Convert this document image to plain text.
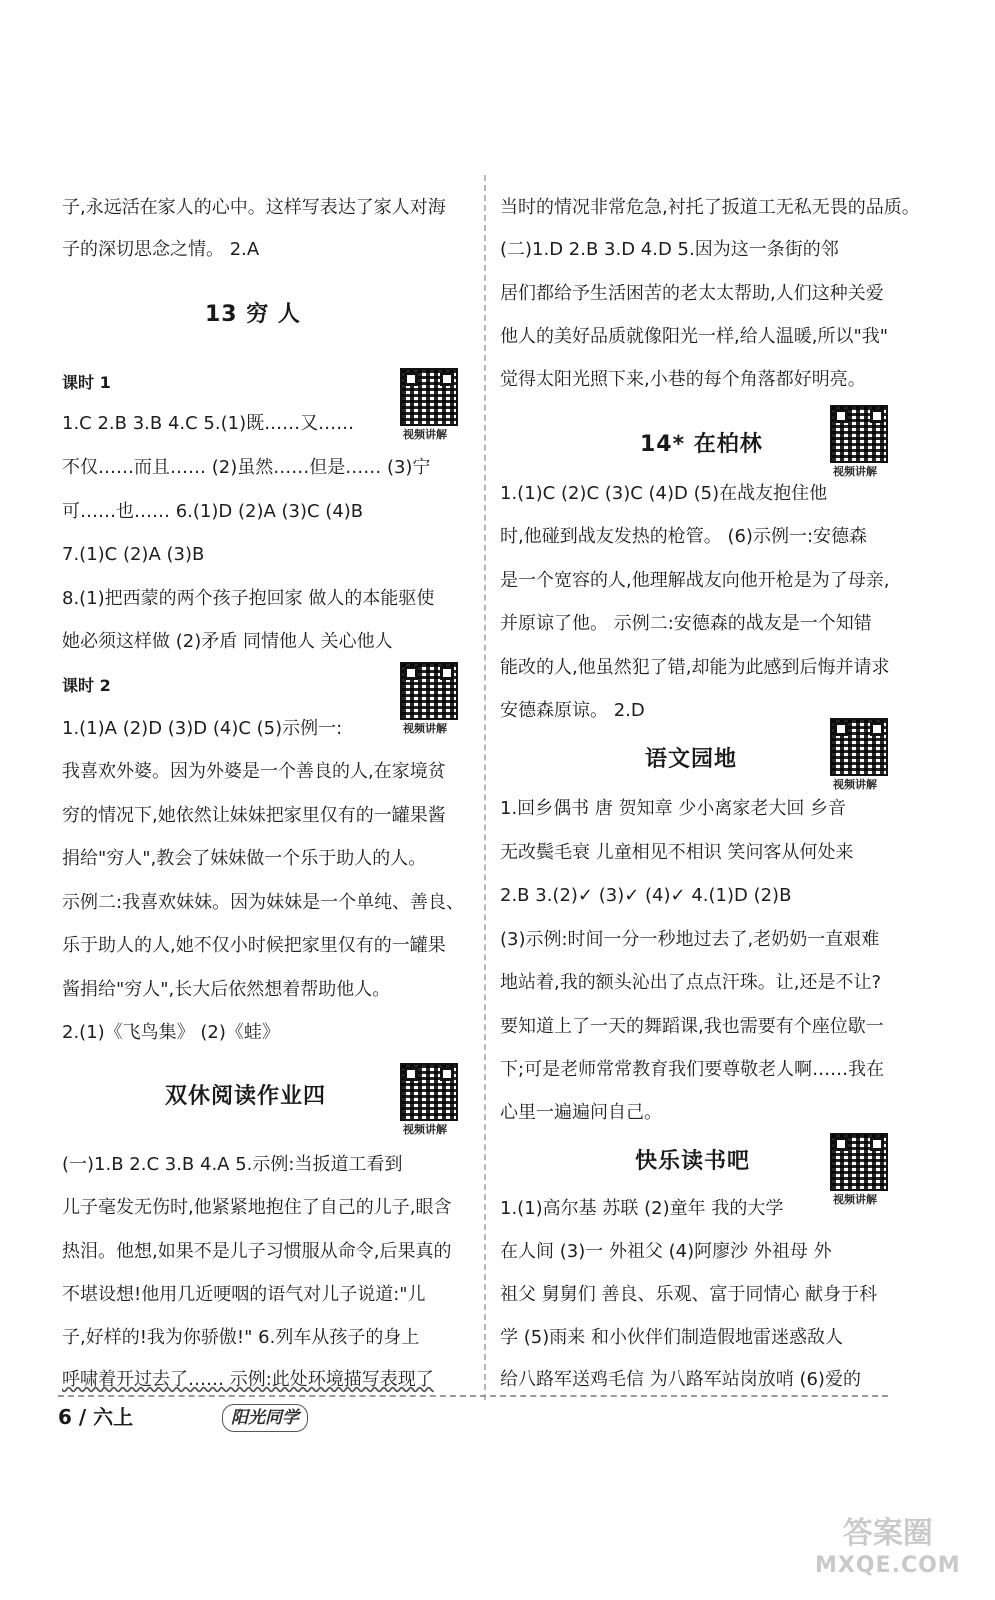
子,永远活在家人的心中。这样写表达了家人对海
子的深切思念之情。 2.A
13 穷 人
课时 1
视频讲解
1.C 2.B 3.B 4.C 5.(1)既……又……
不仅……而且…… (2)虽然……但是…… (3)宁
可……也…… 6.(1)D (2)A (3)C (4)B
7.(1)C (2)A (3)B
8.(1)把西蒙的两个孩子抱回家 做人的本能驱使
她必须这样做 (2)矛盾 同情他人 关心他人
课时 2
视频讲解
1.(1)A (2)D (3)D (4)C (5)示例一:
我喜欢外婆。因为外婆是一个善良的人,在家境贫
穷的情况下,她依然让妹妹把家里仅有的一罐果酱
捐给"穷人",教会了妹妹做一个乐于助人的人。
示例二:我喜欢妹妹。因为妹妹是一个单纯、善良、
乐于助人的人,她不仅小时候把家里仅有的一罐果
酱捐给"穷人",长大后依然想着帮助他人。
2.(1)《飞鸟集》 (2)《蛙》
双休阅读作业四
视频讲解
(一)1.B 2.C 3.B 4.A 5.示例:当扳道工看到
儿子毫发无伤时,他紧紧地抱住了自己的儿子,眼含
热泪。他想,如果不是儿子习惯服从命令,后果真的
不堪设想!他用几近哽咽的语气对儿子说道:"儿
子,好样的!我为你骄傲!" 6.列车从孩子的身上
呼啸着开过去了…… 示例:此处环境描写表现了
当时的情况非常危急,衬托了扳道工无私无畏的品质。
(二)1.D 2.B 3.D 4.D 5.因为这一条街的邻
居们都给予生活困苦的老太太帮助,人们这种关爱
他人的美好品质就像阳光一样,给人温暖,所以"我"
觉得太阳光照下来,小巷的每个角落都好明亮。
14* 在柏林
视频讲解
1.(1)C (2)C (3)C (4)D (5)在战友抱住他
时,他碰到战友发热的枪管。 (6)示例一:安德森
是一个宽容的人,他理解战友向他开枪是为了母亲,
并原谅了他。 示例二:安德森的战友是一个知错
能改的人,他虽然犯了错,却能为此感到后悔并请求
安德森原谅。 2.D
语文园地
视频讲解
1.回乡偶书 唐 贺知章 少小离家老大回 乡音
无改鬓毛衰 儿童相见不相识 笑问客从何处来
2.B 3.(2)✓ (3)✓ (4)✓ 4.(1)D (2)B
(3)示例:时间一分一秒地过去了,老奶奶一直艰难
地站着,我的额头沁出了点点汗珠。让,还是不让?
要知道上了一天的舞蹈课,我也需要有个座位歇一
下;可是老师常常教育我们要尊敬老人啊……我在
心里一遍遍问自己。
快乐读书吧
视频讲解
1.(1)高尔基 苏联 (2)童年 我的大学
在人间 (3)一 外祖父 (4)阿廖沙 外祖母 外
祖父 舅舅们 善良、乐观、富于同情心 献身于科
学 (5)雨来 和小伙伴们制造假地雷迷惑敌人
给八路军送鸡毛信 为八路军站岗放哨 (6)爱的
6 / 六上	阳光同学
答案圈
MXQE.COM
